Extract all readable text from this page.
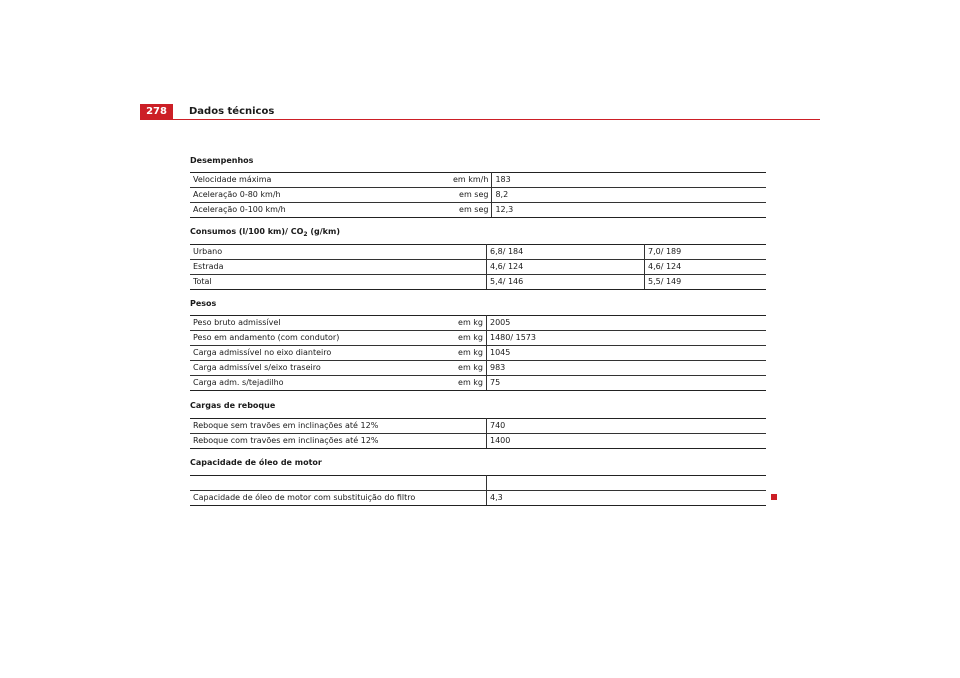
278	Dados técnicos
Desempenhos
Velocidade máxima	em km/h	183
Aceleração 0-80 km/h	em seg	8,2
Aceleração 0-100 km/h	em seg	12,3
Consumos (l/100 km)/ $CO_2$ (g/km)
Urbano		6,8/ 184	7,0/ 189
Estrada		4,6/ 124	4,6/ 124
Total		5,4/ 146	5,5/ 149
Pesos
Peso bruto admissível	em kg	2005
Peso em andamento (com condutor)	em kg	1480/ 1573
Carga admissível no eixo dianteiro	em kg	1045
Carga admissível s/eixo traseiro	em kg	983
Carga adm. s/tejadilho	em kg	75
Cargas de reboque
Reboque sem travões em inclinações até 12%		740
Reboque com travões em inclinações até 12%		1400
Capacidade de óleo de motor

Capacidade de óleo de motor com substituição do filtro		4,3
